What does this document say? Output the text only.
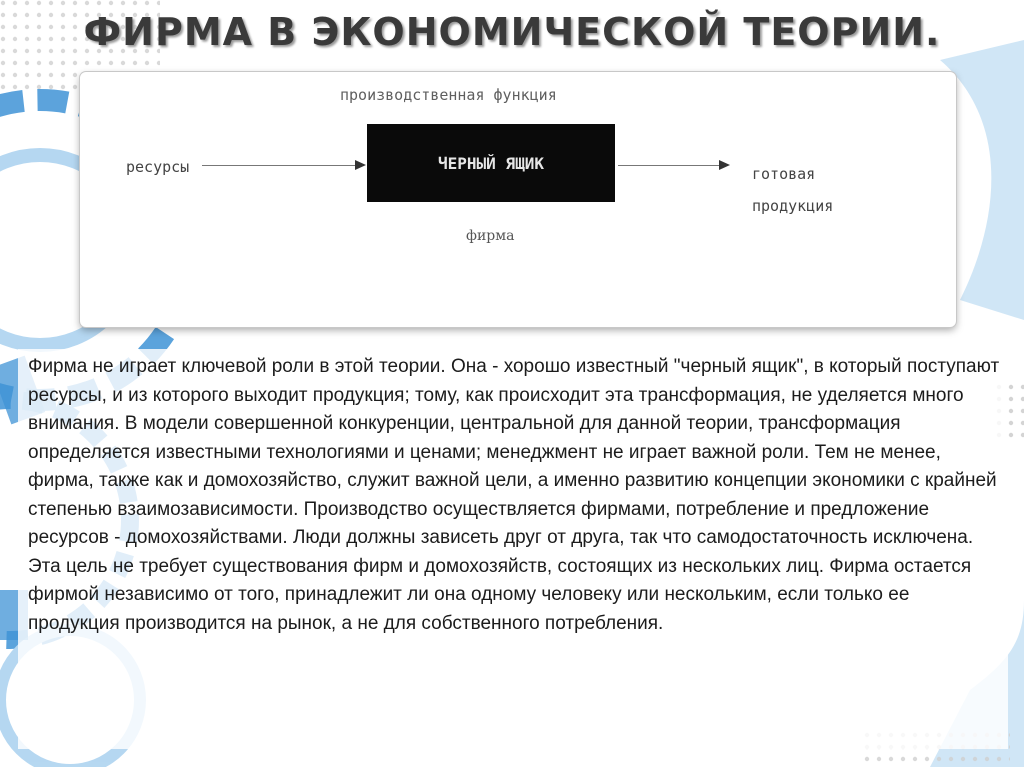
ФИРМА В ЭКОНОМИЧЕСКОЙ ТЕОРИИ.
производственная функция
ресурсы	ЧЕРНЫЙ ЯЩИК
готовая
продукция
фирма

Фирма не играет ключевой роли в этой теории. Она - хорошо известный "черный ящик", в который поступают ресурсы, и из которого выходит продукция; тому, как происходит эта трансформация, не уделяется много внимания. В модели совершенной конкуренции, центральной для данной теории, трансформация определяется известными технологиями и ценами; менеджмент не играет важной роли. Тем не менее, фирма, также как и домохозяйство, служит важной цели, а именно развитию концепции экономики с крайней степенью взаимозависимости. Производство осуществляется фирмами, потребление и предложение ресурсов - домохозяйствами. Люди должны зависеть друг от друга, так что самодостаточность исключена. Эта цель не требует существования фирм и домохозяйств, состоящих из нескольких лиц. Фирма остается фирмой независимо от того, принадлежит ли она одному человеку или нескольким, если только ее продукция производится на рынок, а не для собственного потребления.
